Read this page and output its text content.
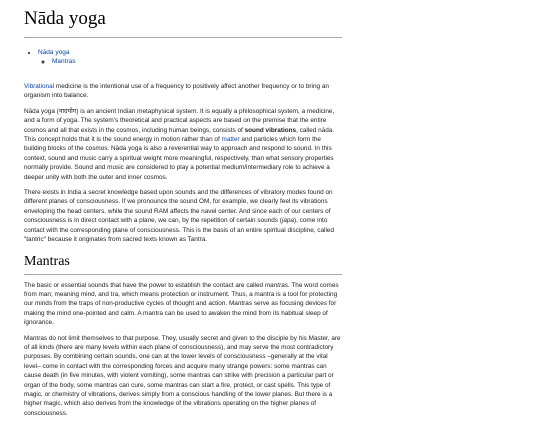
Nāda yoga
• Nāda yoga
◦ Mantras

Vibrational medicine is the intentional use of a frequency to positively affect another frequency or to bring an organism into balance.

Nāda yoga (नादयोग) is an ancient Indian metaphysical system. It is equally a philosophical system, a medicine, and a form of yoga. The system's theoretical and practical aspects are based on the premise that the entire cosmos and all that exists in the cosmos, including human beings, consists of sound vibrations, called nāda. This concept holds that it is the sound energy in motion rather than of matter and particles which form the building blocks of the cosmos. Nāda yoga is also a reverential way to approach and respond to sound. In this context, sound and music carry a spiritual weight more meaningful, respectively, than what sensory properties normally provide. Sound and music are considered to play a potential medium/intermediary role to achieve a deeper unity with both the outer and inner cosmos.

There exists in India a secret knowledge based upon sounds and the differences of vibratory modes found on different planes of consciousness. If we pronounce the sound OM, for example, we clearly feel its vibrations enveloping the head centers, while the sound RAM affects the navel center. And since each of our centers of consciousness is in direct contact with a plane, we can, by the repetition of certain sounds (japa), come into contact with the corresponding plane of consciousness. This is the basis of an entire spiritual discipline, called "tantric" because it originates from sacred texts known as Tantra.

Mantras

The basic or essential sounds that have the power to establish the contact are called mantras. The word comes from man; meaning mind, and tra, which means protection or instrument. Thus, a mantra is a tool for protecting our minds from the traps of non-productive cycles of thought and action. Mantras serve as focusing devices for making the mind one-pointed and calm. A mantra can be used to awaken the mind from its habitual sleep of ignorance.

Mantras do not limit themselves to that purpose. They, usually secret and given to the disciple by his Master, are of all kinds (there are many levels within each plane of consciousness), and may serve the most contradictory purposes. By combining certain sounds, one can at the lower levels of consciousness –generally at the vital level– come in contact with the corresponding forces and acquire many strange powers: some mantras can cause death (in five minutes, with violent vomiting), some mantras can strike with precision a particular part or organ of the body, some mantras can cure, some mantras can start a fire, protect, or cast spells. This type of magic, or chemistry of vibrations, derives simply from a conscious handling of the lower planes. But there is a higher magic, which also derives from the knowledge of the vibrations operating on the higher planes of consciousness.
